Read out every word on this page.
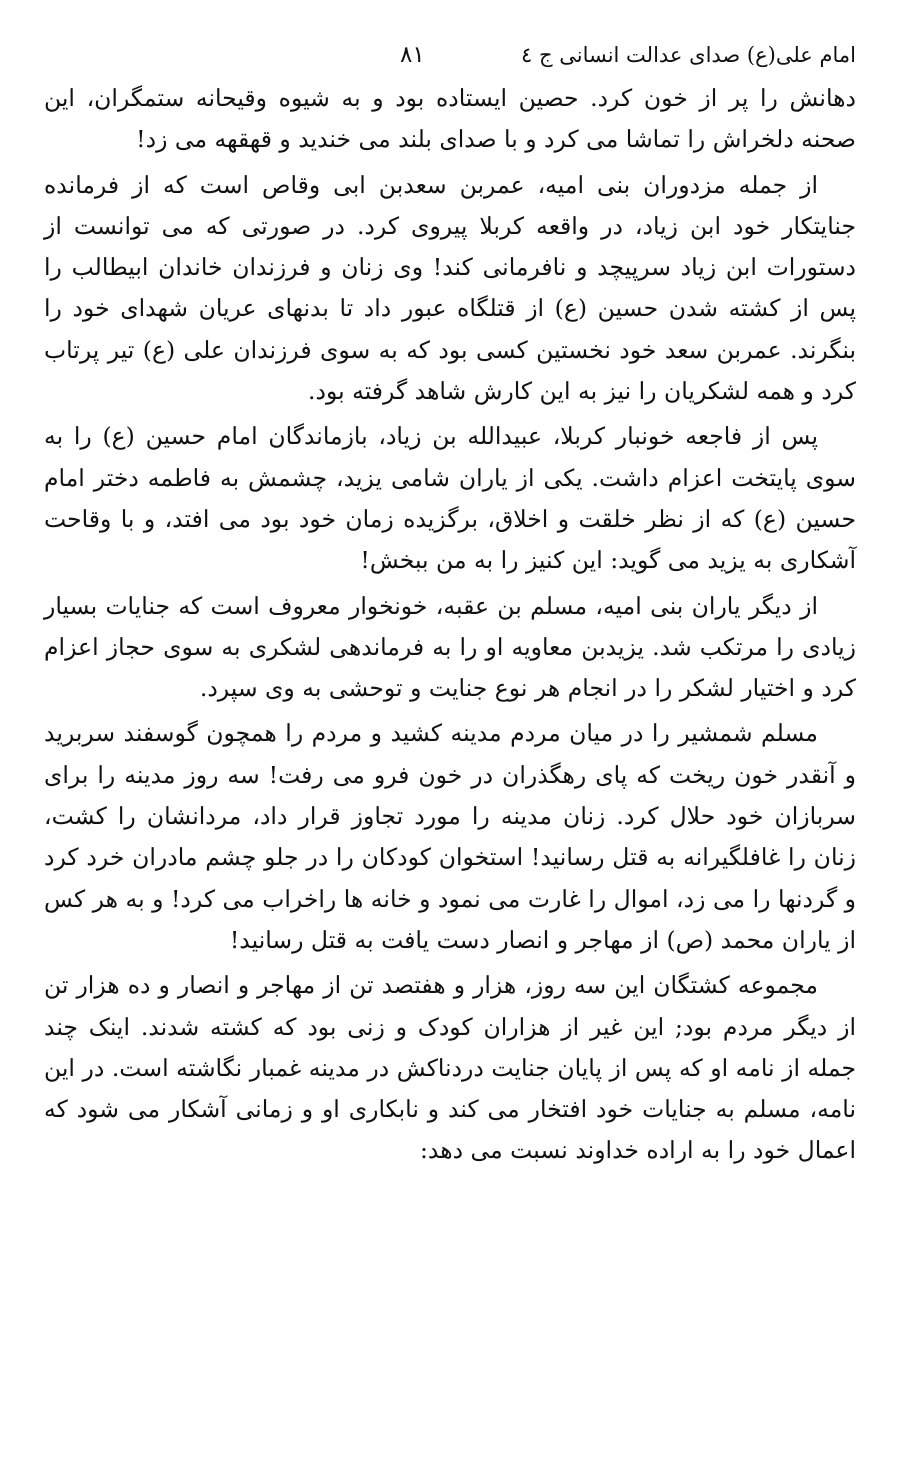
امام علی(ع) صدای عدالت انسانی ج ٤
٨١

دهانش را پر از خون کرد. حصین ایستاده بود و به شیوه وقیحانه ستمگران، این صحنه دلخراش را تماشا می کرد و با صدای بلند می خندید و قهقهه می زد!

از جمله مزدوران بنی امیه، عمربن سعدبن ابی وقاص است که از فرمانده جنایتکار خود ابن زیاد، در واقعه کربلا پیروی کرد. در صورتی که می توانست از دستورات ابن زیاد سرپیچد و نافرمانی کند! وی زنان و فرزندان خاندان ابیطالب را پس از کشته شدن حسین (ع) از قتلگاه عبور داد تا بدنهای عریان شهدای خود را بنگرند. عمربن سعد خود نخستین کسی بود که به سوی فرزندان علی (ع) تیر پرتاب کرد و همه لشکریان را نیز به این کارش شاهد گرفته بود.

پس از فاجعه خونبار کربلا، عبیدالله بن زیاد، بازماندگان امام حسین (ع) را به سوی پایتخت اعزام داشت. یکی از یاران شامی یزید، چشمش به فاطمه دختر امام حسین (ع) که از نظر خلقت و اخلاق، برگزیده زمان خود بود می افتد، و با وقاحت آشکاری به یزید می گوید: این کنیز را به من ببخش!

از دیگر یاران بنی امیه، مسلم بن عقبه، خونخوار معروف است که جنایات بسیار زیادی را مرتکب شد. یزیدبن معاویه او را به فرماندهی لشکری به سوی حجاز اعزام کرد و اختیار لشکر را در انجام هر نوع جنایت و توحشی به وی سپرد.

مسلم شمشیر را در میان مردم مدینه کشید و مردم را همچون گوسفند سربرید و آنقدر خون ریخت که پای رهگذران در خون فرو می رفت! سه روز مدینه را برای سربازان خود حلال کرد. زنان مدینه را مورد تجاوز قرار داد، مردانشان را کشت، زنان را غافلگیرانه به قتل رسانید! استخوان کودکان را در جلو چشم مادران خرد کرد و گردنها را می زد، اموال را غارت می نمود و خانه ها راخراب می کرد! و به هر کس از یاران محمد (ص) از مهاجر و انصار دست یافت به قتل رسانید!

مجموعه کشتگان این سه روز، هزار و هفتصد تن از مهاجر و انصار و ده هزار تن از دیگر مردم بود; این غیر از هزاران کودک و زنی بود که کشته شدند. اینک چند جمله از نامه او که پس از پایان جنایت دردناکش در مدینه غمبار نگاشته است. در این نامه، مسلم به جنایات خود افتخار می کند و نابکاری او و زمانی آشکار می شود که اعمال خود را به اراده خداوند نسبت می دهد:
